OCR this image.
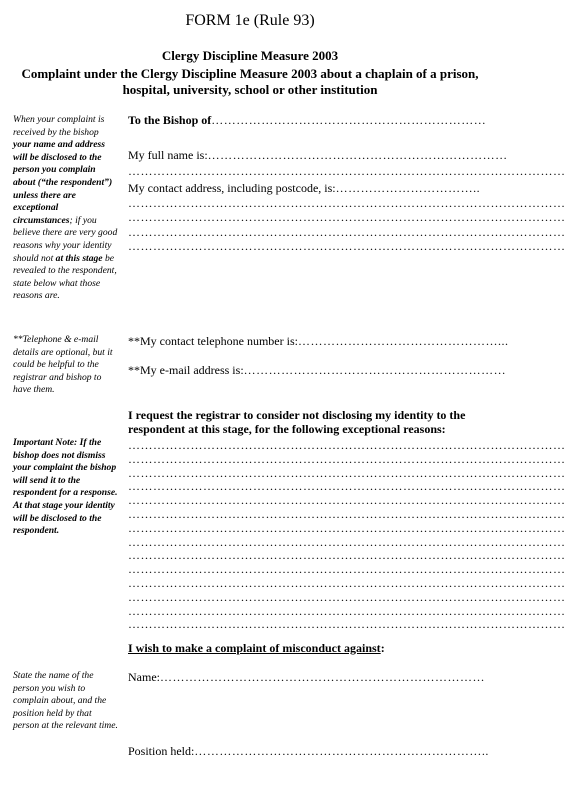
FORM 1e (Rule 93)
Clergy Discipline Measure 2003
Complaint under the Clergy Discipline Measure 2003 about a chaplain of a prison, hospital, university, school or other institution
When your complaint is received by the bishop your name and address will be disclosed to the person you complain about (“the respondent”) unless there are exceptional circumstances; if you believe there are very good reasons why your identity should not at this stage be revealed to the respondent, state below what those reasons are.
**Telephone & e-mail details are optional, but it could be helpful to the registrar and bishop to have them.
Important Note: If the bishop does not dismiss your complaint the bishop will send it to the respondent for a response. At that stage your identity will be disclosed to the respondent.
State the name of the person you wish to complain about, and the position held by that person at the relevant time.
To the Bishop of…………………………………………………………
My full name is:………………………………………………………………
……………………………………………………………………………………………
My contact address, including postcode, is:……………………………..
……………………………………………………………………………………………
……………………………………………………………………………………………
……………………………………………………………………………………………
……………………………………………………………………………………………
**My contact telephone number is:…………………………………………...
**My e-mail address is:………………………………………………………
I request the registrar to consider not disclosing my identity to the respondent at this stage, for the following exceptional reasons:
……………………………………………………………………………………………
……………………………………………………………………………………………
……………………………………………………………………………………………
……………………………………………………………………………………………
……………………………………………………………………………………………
……………………………………………………………………………………………
……………………………………………………………………………………………
……………………………………………………………………………………………
……………………………………………………………………………………………
……………………………………………………………………………………………
……………………………………………………………………………………………
……………………………………………………………………………………………
……………………………………………………………………………………………
……………………………………………………………………………………………
I wish to make a complaint of misconduct against:
Name:……………………………………………………………………
Position held:……………………………………………………………..
